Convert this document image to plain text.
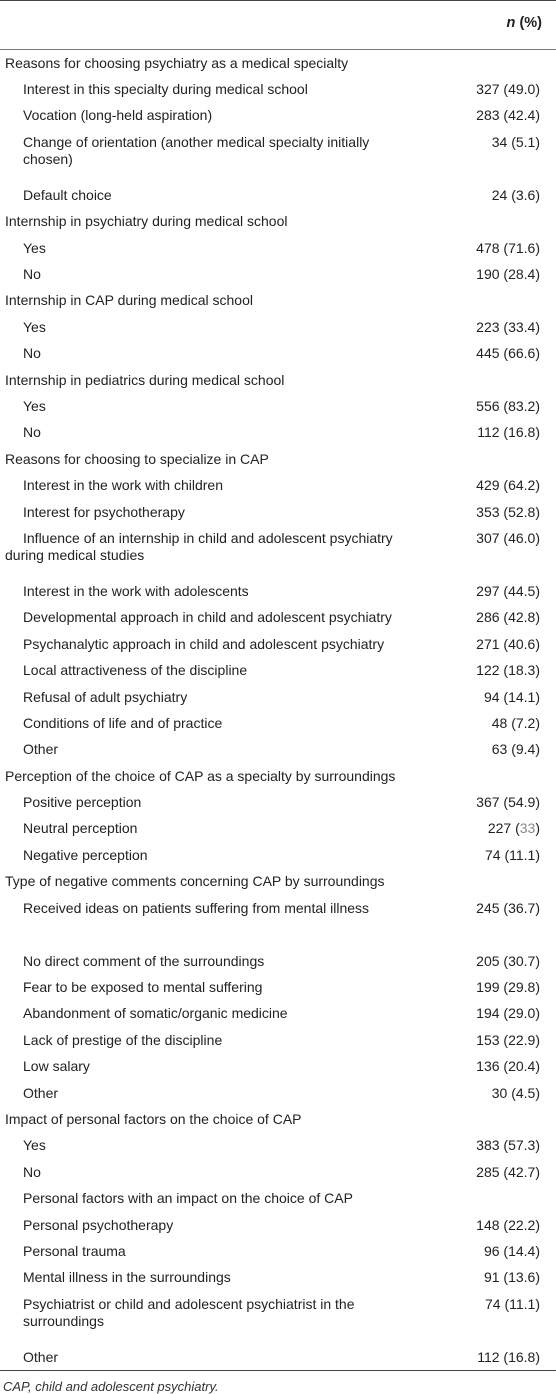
n (%)
Reasons for choosing psychiatry as a medical specialty
Interest in this specialty during medical school	327 (49.0)
Vocation (long-held aspiration)	283 (42.4)
Change of orientation (another medical specialty initially chosen)
34 (5.1)
Default choice	24 (3.6)
Internship in psychiatry during medical school
Yes	478 (71.6)
No	190 (28.4)
Internship in CAP during medical school
Yes	223 (33.4)
No	445 (66.6)
Internship in pediatrics during medical school
Yes	556 (83.2)
No	112 (16.8)
Reasons for choosing to specialize in CAP
Interest in the work with children	429 (64.2)
Interest for psychotherapy	353 (52.8)
Influence of an internship in child and adolescent psychiatry during medical studies
307 (46.0)
Interest in the work with adolescents	297 (44.5)
Developmental approach in child and adolescent psychiatry	286 (42.8)
Psychanalytic approach in child and adolescent psychiatry	271 (40.6)
Local attractiveness of the discipline	122 (18.3)
Refusal of adult psychiatry	94 (14.1)
Conditions of life and of practice	48 (7.2)
Other	63 (9.4)
Perception of the choice of CAP as a specialty by surroundings
Positive perception	367 (54.9)
Neutral perception	227 (33)
Negative perception	74 (11.1)
Type of negative comments concerning CAP by surroundings
Received ideas on patients suffering from mental illness	245 (36.7)
No direct comment of the surroundings	205 (30.7)
Fear to be exposed to mental suffering	199 (29.8)
Abandonment of somatic/organic medicine	194 (29.0)
Lack of prestige of the discipline	153 (22.9)
Low salary	136 (20.4)
Other	30 (4.5)
Impact of personal factors on the choice of CAP
Yes	383 (57.3)
No	285 (42.7)
Personal factors with an impact on the choice of CAP
Personal psychotherapy	148 (22.2)
Personal trauma	96 (14.4)
Mental illness in the surroundings	91 (13.6)
Psychiatrist or child and adolescent psychiatrist in the surroundings
74 (11.1)
Other	112 (16.8)
CAP, child and adolescent psychiatry.
